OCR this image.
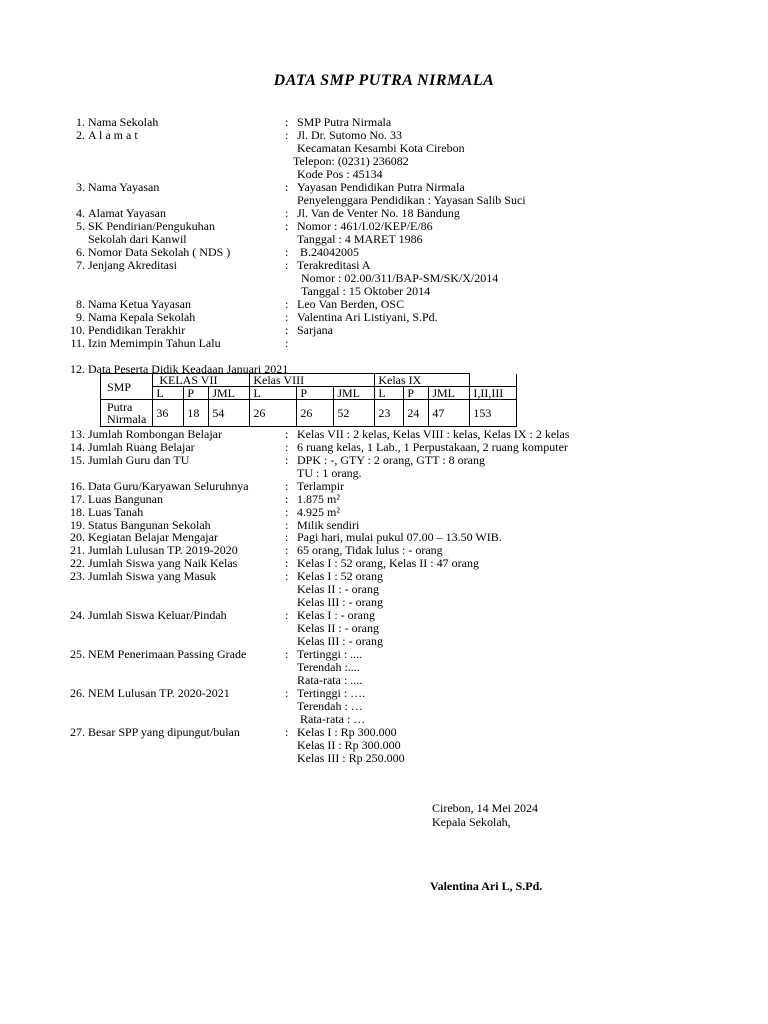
DATA SMP PUTRA NIRMALA
1. Nama Sekolah	: SMP Putra Nirmala
2. A l a m a t	: Jl. Dr. Sutomo No. 33
Kecamatan Kesambi Kota Cirebon
Telepon: (0231) 236082
Kode Pos : 45134
3. Nama Yayasan	: Yayasan Pendidikan Putra Nirmala
Penyelenggara Pendidikan : Yayasan Salib Suci
4. Alamat Yayasan	: Jl. Van de Venter No. 18 Bandung
5. SK Pendirian/Pengukuhan
Sekolah dari Kanwil
: Nomor : 461/I.02/KEP/E/86
Tanggal : 4 MARET 1986
6. Nomor Data Sekolah ( NDS )	: B.24042005
7. Jenjang Akreditasi	: Terakreditasi A
Nomor : 02.00/311/BAP-SM/SK/X/2014
Tanggal : 15 Oktober 2014
8. Nama Ketua Yayasan	: Leo Van Berden, OSC
9. Nama Kepala Sekolah	: Valentina Ari Listiyani, S.Pd.
10. Pendidikan Terakhir	: Sarjana
11. Izin Memimpin Tahun Lalu	:
12. Data Peserta Didik Keadaan Januari 2021
SMP	KELAS VII			Kelas VIII			Kelas IX			
	L	P	JML	L	P	JML	L	P	JML	I,II,III

Putra
Nirmala	36	18	54	26	26	52	23	24	47	153
13. Jumlah Rombongan Belajar	: Kelas VII : 2 kelas, Kelas VIII : kelas, Kelas IX : 2 kelas
14. Jumlah Ruang Belajar	: 6 ruang kelas, 1 Lab., 1 Perpustakaan, 2 ruang komputer
15. Jumlah Guru dan TU	: DPK : -, GTY : 2 orang, GTT : 8 orang
TU : 1 orang.
16. Data Guru/Karyawan Seluruhnya	: Terlampir
17. Luas Bangunan	: 1.875 m²
18. Luas Tanah	: 4.925 m²
19. Status Bangunan Sekolah	: Milik sendiri
20. Kegiatan Belajar Mengajar	: Pagi hari, mulai pukul 07.00 – 13.50 WIB.
21. Jumlah Lulusan TP. 2019-2020	: 65 orang, Tidak lulus : - orang
22. Jumlah Siswa yang Naik Kelas	: Kelas I : 52 orang, Kelas II : 47 orang
23. Jumlah Siswa yang Masuk	: Kelas I : 52 orang
Kelas II : - orang
Kelas III : - orang
24. Jumlah Siswa Keluar/Pindah	: Kelas I : - orang
Kelas II : - orang
Kelas III : - orang
25. NEM Penerimaan Passing Grade	: Tertinggi : ....
Terendah :....
Rata-rata : ....
26. NEM Lulusan TP. 2020-2021	: Tertinggi : ….
Terendah : …
Rata-rata : …
27. Besar SPP yang dipungut/bulan	: Kelas I : Rp 300.000
Kelas II : Rp 300.000
Kelas III : Rp 250.000
Cirebon, 14 Mei 2024
Kepala Sekolah,
Valentina Ari L, S.Pd.
